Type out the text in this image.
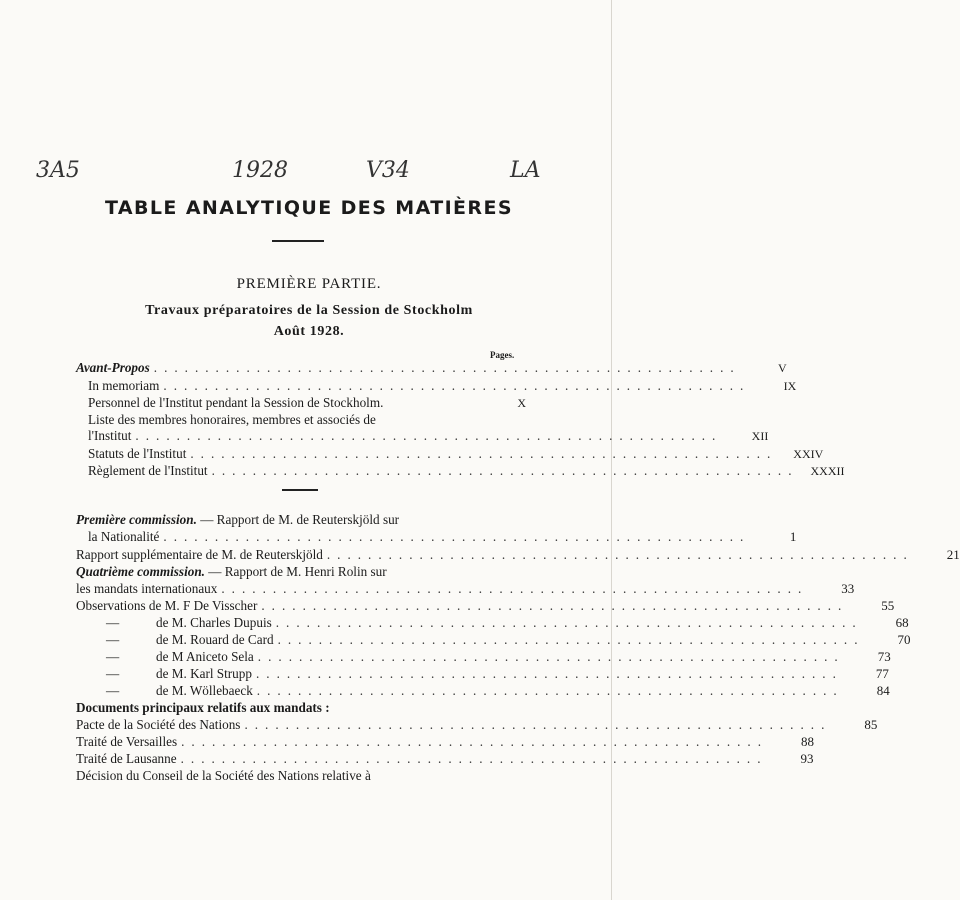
3A5	1928	V34	LA
TABLE ANALYTIQUE DES MATIÈRES
PREMIÈRE PARTIE.
Travaux préparatoires de la Session de Stockholm
Août 1928.
Pages.
Avant-Propos .........................................................	V
In memoriam .........................................................	IX
Personnel de l'Institut pendant la Session de Stockholm.	X
Liste des membres honoraires, membres et associés de
l'Institut .........................................................	XII
Statuts de l'Institut .........................................................	XXIV
Règlement de l'Institut .........................................................	XXXII
Première commission. — Rapport de M. de Reuterskjöld sur
la Nationalité .........................................................	1
Rapport supplémentaire de M. de Reuterskjöld .........................................................	21
Quatrième commission. — Rapport de M. Henri Rolin sur
les mandats internationaux .........................................................	33
Observations de M. F De Visscher .........................................................	55
—	de M. Charles Dupuis .........................................................	68
—	de M. Rouard de Card .........................................................	70
—	de M Aniceto Sela .........................................................	73
—	de M. Karl Strupp .........................................................	77
—	de M. Wöllebaeck .........................................................	84
Documents principaux relatifs aux mandats :
Pacte de la Société des Nations .........................................................	85
Traité de Versailles .........................................................	88
Traité de Lausanne .........................................................	93
Décision du Conseil de la Société des Nations relative à
